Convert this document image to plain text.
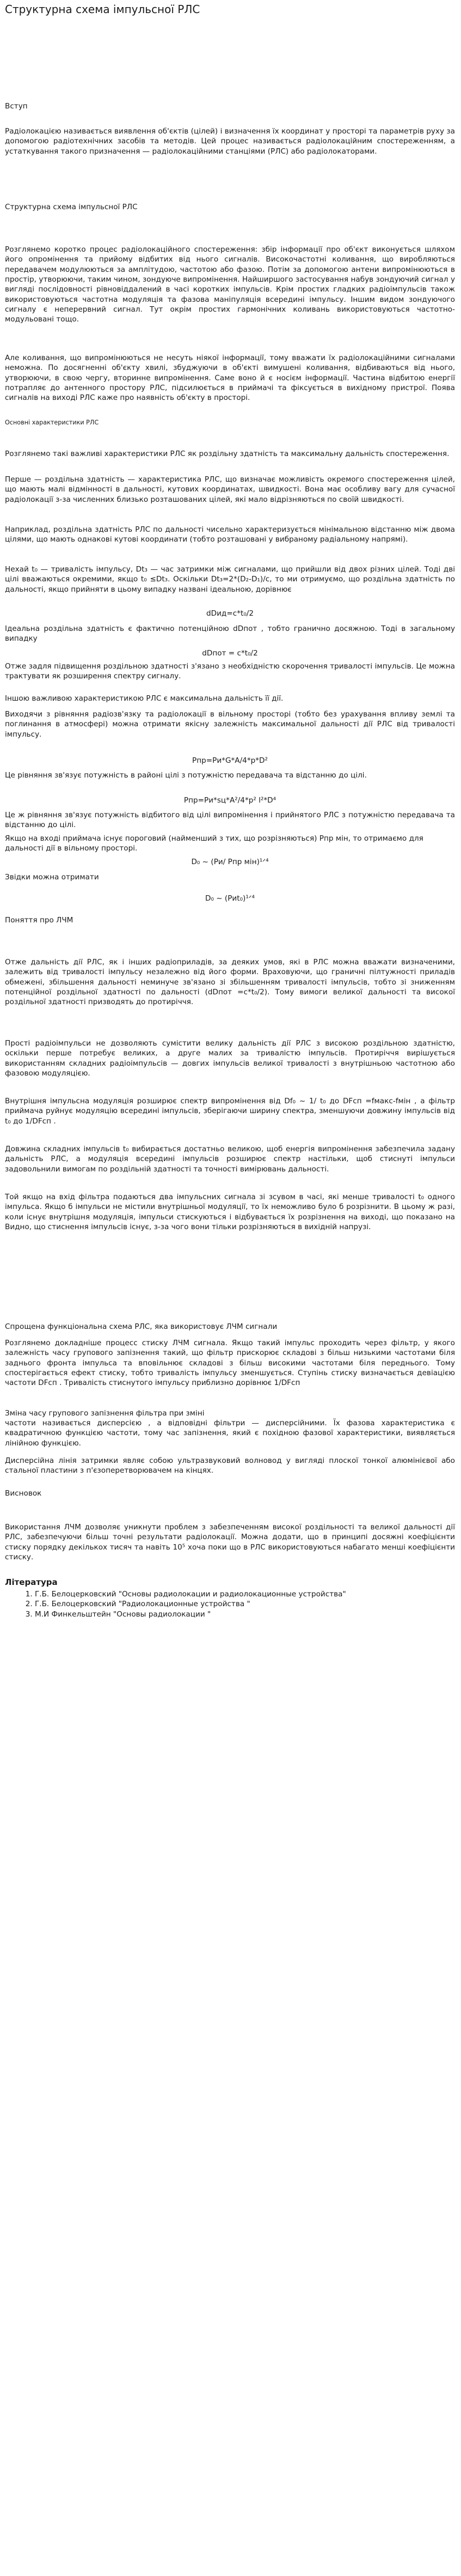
Структурна схема імпульсної РЛС

Вступ

Радіолокацією називається виявлення об'єктів (цілей) і визначення їх координат у просторі та параметрів руху за допомогою радіотехнічних засобів та методів. Цей процес називається радіолокаційним спостереженням, а устаткування такого призначення — радіолокаційними станціями (РЛС) або радіолокаторами.

Структурна схема імпульсної РЛС

Розглянемо коротко процес радіолокаційного спостереження: збір інформації про об'єкт виконується шляхом його опромінення та прийому відбитих від нього сигналів. Високочастотні коливання, що виробляються передавачем модулюються за амплітудою, частотою або фазою. Потім за допомогою антени випромінюються в простір, утворюючи, таким чином, зондуюче випромінення. Найширшого застосування набув зондуючий сигнал у вигляді послідовності рівновіддалений в часі коротких імпульсів. Крім простих гладких радіоімпульсів також використовуються частотна модуляція та фазова маніпуляція всередині імпульсу. Іншим видом зондуючого сигналу є неперервний сигнал. Тут окрім простих гармонічних коливань використовуються частотно-модульовані тощо.

Але коливання, що випромінюються не несуть ніякої інформації, тому вважати їх радіолокаційними сигналами неможна. По досягненні об'єкту хвилі, збуджуючи в об'єкті вимушені коливання, відбиваються від нього, утворюючи, в свою чергу, вторинне випромінення. Саме воно й є носієм інформації. Частина відбитою енергії потрапляє до антенного простору РЛС, підсилюється в приймачі та фіксується в вихідному пристрої. Поява сигналів на виході РЛС каже про наявність об'єкту в просторі.

Основні характеристики РЛС

Розглянемо такі важливі характеристики РЛС як роздільну здатність та максимальну дальність спостереження.

Перше — роздільна здатність — характеристика РЛС, що визначає можливість окремого спостереження цілей, що мають малі відмінності в дальності, кутових координатах, швидкості. Вона має особливу вагу для сучасної радіолокації з-за численних близько розташованих цілей, які мало відрізняються по своїй швидкості.

Наприклад, роздільна здатність РЛС по дальності чисельно характеризується мінімальною відстанню між двома цілями, що мають однакові кутові координати (тобто розташовані у вибраному радіальному напрямі).

Нехай t₀ — тривалість імпульсу, Dt₃ — час затримки між сигналами, що прийшли від двох різних цілей. Тоді дві цілі вважаються окремими, якщо t₀ ≤Dt₃. Оскільки Dt₃=2*(D₂-D₁)/c, то ми отримуємо, що роздільна здатність по дальності, якщо прийняти в цьому випадку названі ідеальною, дорівнює

dDид=c*t₀/2

Ідеальна роздільна здатність є фактично потенційною dDпот , тобто гранично досяжною. Тоді в загальному випадку

dDпот = c*t₀/2

Отже задля підвищення роздільною здатності з'язано з необхідністю скорочення тривалості імпульсів. Це можна трактувати як розширення спектру сигналу.

Іншою важливою характеристикою РЛС є максимальна дальність її дії.

Виходячи з рівняння радіозв'язку та радіолокації в вільному просторі (тобто без урахування впливу землі та поглинання в атмосфері) можна отримати якісну залежність максимальної дальності дії РЛС від тривалості імпульсу.

Pпр=Pи*G*A/4*p*D²

Це рівняння зв'язує потужність в районі цілі з потужністю передавача та відстанню до цілі.

Pпр=Pи*sц*A²/4*p² l²*D⁴

Це ж рівняння зв'язує потужність відбитого від цілі випромінення і прийнятого РЛС з потужністю передавача та відстанню до цілі.

Якщо на вході приймача існує пороговий (найменший з тих, що розрізняються) Pпр мін, то отримаємо для дальності дії в вільному просторі.

D₀ ~ (Pи/ Pпр мін)¹ᐟ⁴

Звідки можна отримати

D₀ ~ (Pиt₀)¹ᐟ⁴

Поняття про ЛЧМ

Отже дальність дії РЛС, як і інших радіоприладів, за деяких умов, які в РЛС можна вважати визначеними, залежить від тривалості імпульсу незалежно від його форми. Враховуючи, що граничні пілтужності приладів обмежені, збільшення дальності неминуче зв'язано зі збільшенням тривалості імпульсів, тобто зі зниженням потенційної роздільної здатності по дальності (dDпот =c*t₀/2). Тому вимоги великої дальності та високої роздільної здатності призводять до протиріччя.

Прості радіоімпульси не дозволяють сумістити велику дальність дії РЛС з високою роздільною здатністю, оскільки перше потребує великих, а друге малих за тривалістю імпульсів. Протиріччя вирішується використанням складних радіоімпульсів — довгих імпульсів великої тривалості з внутрішньою частотною або фазовою модуляцією.

Внутрішня імпульсна модуляція розширює спектр випромінення від Df₀ ~ 1/ t₀ до DFсп =fмакс-fмін , а фільтр приймача руйнує модуляцію всередині імпульсів, зберігаючи ширину спектра, зменшуючи довжину імпульсів від t₀ до 1/DFсп .

Довжина складних імпульсів t₀ вибирається достатньо великою, щоб енергія випромінення забезпечила задану дальність РЛС, а модуляція всередині імпульсів розширює спектр настільки, щоб стиснуті імпульси задовольнили вимогам по роздільній здатності та точності вимірювань дальності.

Той якщо на вхід фільтра подаються два імпульсних сигнала зі зсувом в часі, які менше тривалості t₀ одного імпульса. Якщо б імпульси не містили внутрішньої модуляції, то їх неможливо було б розрізнити. В цьому ж разі, коли існує внутрішня модуляція, імпульси стискуються і відбувається їх розрізнення на виході, що показано на Видно, що стиснення імпульсів існує, з-за чого вони тільки розрізняються в вихідній напрузі.

Спрощена функціональна схема РЛС, яка використовує ЛЧМ сигнали

Розглянемо докладніше процесс стиску ЛЧМ сигнала. Якщо такий імпульс проходить через фільтр, у якого залежність часу групового запізнення такий, що фільтр прискорює складові з більш низькими частотами біля заднього фронта імпульса та вповільнює складові з більш високими частотами біля переднього. Тому спостерігається ефект стиску, тобто тривалість імпульсу зменшується. Ступінь стиску визначається девіацією частоти DFсп . Тривалість стиснутого імпульсу приблизно дорівнює 1/DFсп

Зміна часу групового запізнення фільтра при зміні

частоти називається дисперсією , а відповідні фільтри — дисперсійними. Їх фазова характеристика є квадратичною функцією частоти, тому час запізнення, який є похідною фазової характеристики, виявляється лінійною функцією.

Дисперсійна лінія затримки являє собою ультразвуковий волновод у вигляді плоскої тонкої алюмінієвої або стальної пластини з п'єзоперетворювачем на кінцях.

Висновок

Використання ЛЧМ дозволяє уникнути проблем з забезпеченням високої роздільності та великої дальності дії РЛС, забезпечуючи більш точні результати радіолокації. Можна додати, що в принципі досяжні коефіцієнти стиску порядку декількох тисяч та навіть 10⁵ хоча поки що в РЛС використовуються набагато менші коефіцієнти стиску.

Література

1. Г.Б. Белоцерковский "Основы радиолокации и радиолокационные устройства"
2. Г.Б. Белоцерковский "Радиолокационные устройства "
3. М.И Финкельштейн "Основы радиолокации "
